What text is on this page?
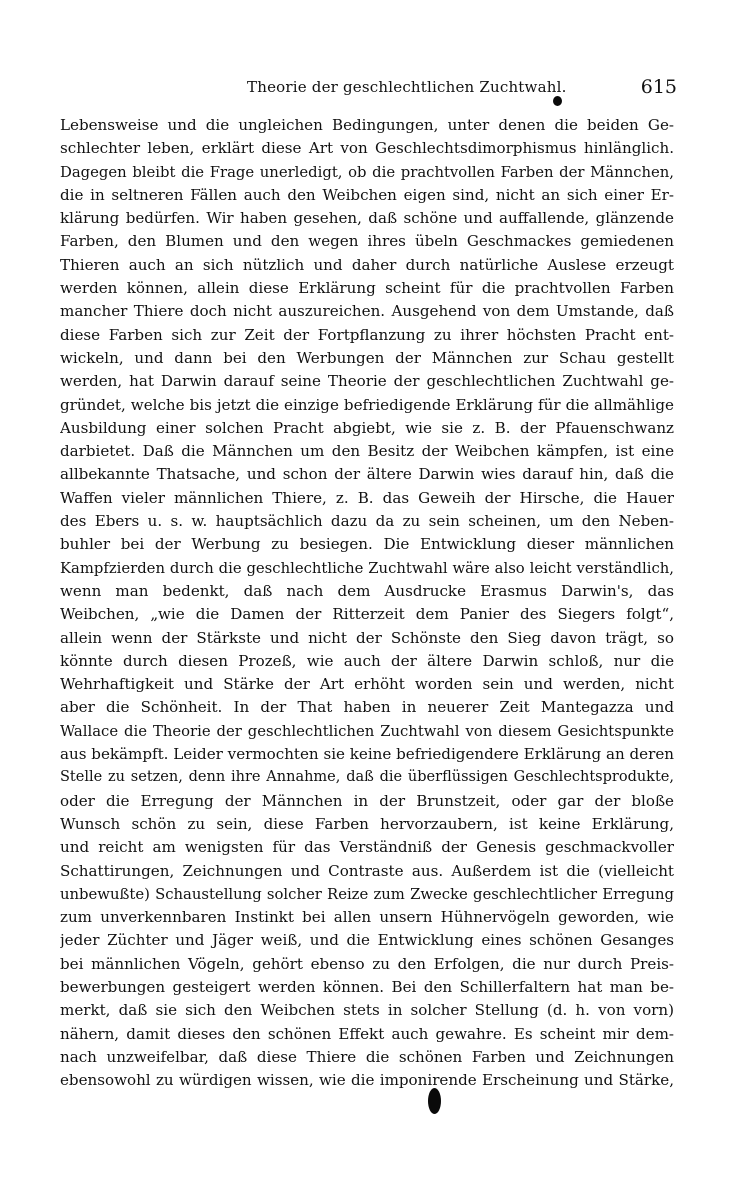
Theorie der geschlechtlichen Zuchtwahl.	615
Lebensweise und die ungleichen Bedingungen, unter denen die beiden Ge-
schlechter leben, erklärt diese Art von Geschlechtsdimorphismus hinlänglich.
Dagegen bleibt die Frage unerledigt, ob die prachtvollen Farben der Männchen,
die in seltneren Fällen auch den Weibchen eigen sind, nicht an sich einer Er-
klärung bedürfen. Wir haben gesehen, daß schöne und auffallende, glänzende
Farben, den Blumen und den wegen ihres übeln Geschmackes gemiedenen
Thieren auch an sich nützlich und daher durch natürliche Auslese erzeugt
werden können, allein diese Erklärung scheint für die prachtvollen Farben
mancher Thiere doch nicht auszureichen. Ausgehend von dem Umstande, daß
diese Farben sich zur Zeit der Fortpflanzung zu ihrer höchsten Pracht ent-
wickeln, und dann bei den Werbungen der Männchen zur Schau gestellt
werden, hat Darwin darauf seine Theorie der geschlechtlichen Zuchtwahl ge-
gründet, welche bis jetzt die einzige befriedigende Erklärung für die allmählige
Ausbildung einer solchen Pracht abgiebt, wie sie z. B. der Pfauenschwanz
darbietet. Daß die Männchen um den Besitz der Weibchen kämpfen, ist eine
allbekannte Thatsache, und schon der ältere Darwin wies darauf hin, daß die
Waffen vieler männlichen Thiere, z. B. das Geweih der Hirsche, die Hauer
des Ebers u. s. w. hauptsächlich dazu da zu sein scheinen, um den Neben-
buhler bei der Werbung zu besiegen. Die Entwicklung dieser männlichen
Kampfzierden durch die geschlechtliche Zuchtwahl wäre also leicht verständlich,
wenn man bedenkt, daß nach dem Ausdrucke Erasmus Darwin's, das
Weibchen, „wie die Damen der Ritterzeit dem Panier des Siegers folgt“,
allein wenn der Stärkste und nicht der Schönste den Sieg davon trägt, so
könnte durch diesen Prozeß, wie auch der ältere Darwin schloß, nur die
Wehrhaftigkeit und Stärke der Art erhöht worden sein und werden, nicht
aber die Schönheit. In der That haben in neuerer Zeit Mantegazza und
Wallace die Theorie der geschlechtlichen Zuchtwahl von diesem Gesichtspunkte
aus bekämpft. Leider vermochten sie keine befriedigendere Erklärung an deren
Stelle zu setzen, denn ihre Annahme, daß die überflüssigen Geschlechtsprodukte,
oder die Erregung der Männchen in der Brunstzeit, oder gar der bloße
Wunsch schön zu sein, diese Farben hervorzaubern, ist keine Erklärung,
und reicht am wenigsten für das Verständniß der Genesis geschmackvoller
Schattirungen, Zeichnungen und Contraste aus. Außerdem ist die (vielleicht
unbewußte) Schaustellung solcher Reize zum Zwecke geschlechtlicher Erregung
zum unverkennbaren Instinkt bei allen unsern Hühnervögeln geworden, wie
jeder Züchter und Jäger weiß, und die Entwicklung eines schönen Gesanges
bei männlichen Vögeln, gehört ebenso zu den Erfolgen, die nur durch Preis-
bewerbungen gesteigert werden können. Bei den Schillerfaltern hat man be-
merkt, daß sie sich den Weibchen stets in solcher Stellung (d. h. von vorn)
nähern, damit dieses den schönen Effekt auch gewahre. Es scheint mir dem-
nach unzweifelbar, daß diese Thiere die schönen Farben und Zeichnungen
ebensowohl zu würdigen wissen, wie die imponirende Erscheinung und Stärke,
